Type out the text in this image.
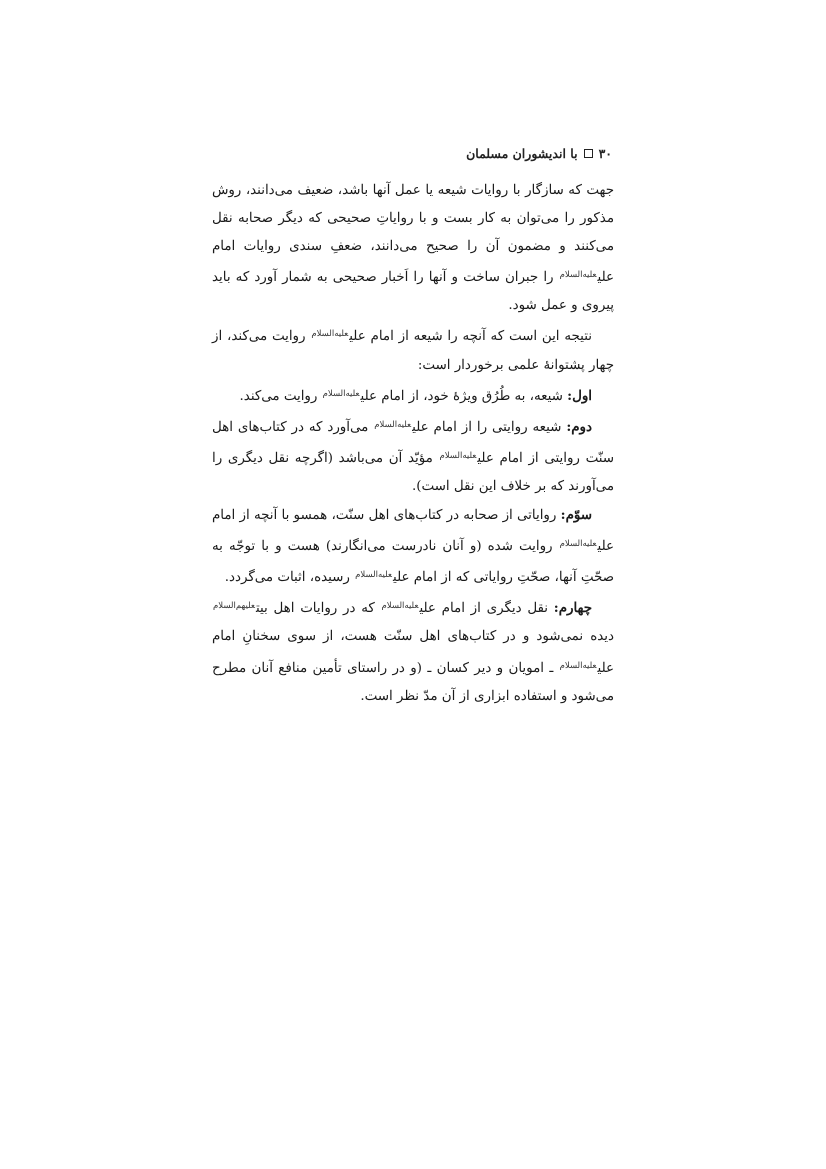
۳۰
با اندیشوران مسلمان

جهت که سازگار با روایات شیعه یا عمل آنها باشد، ضعیف می‌دانند، روش مذکور را می‌توان به کار بست و با روایاتِ صحیحی که دیگر صحابه نقل می‌کنند و مضمون آن را صحیح می‌دانند، ضعفِ سندی روایات امام علی$^{علیه‌السلام}$ را جبران ساخت و آنها را اَخبار صحیحی به شمار آورد که باید پیروی و عمل شود.

نتیجه این است که آنچه را شیعه از امام علی$^{علیه‌السلام}$ روایت می‌کند، از چهار پشتوانهٔ علمی برخوردار است:

اول: شیعه، به طُرُق ویژهٔ خود، از امام علی$^{علیه‌السلام}$ روایت می‌کند.

دوم: شیعه روایتی را از امام علی$^{علیه‌السلام}$ می‌آورد که در کتاب‌های اهل سنّت روایتی از امام علی$^{علیه‌السلام}$ مؤیّد آن می‌باشد (اگرچه نقل دیگری را می‌آورند که بر خلاف این نقل است).

سوّم: روایاتی از صحابه در کتاب‌های اهل سنّت، همسو با آنچه از امام علی$^{علیه‌السلام}$ روایت شده (و آنان نادرست می‌انگارند) هست و با توجّه به صحّتِ آنها، صحّتِ روایاتی که از امام علی$^{علیه‌السلام}$ رسیده، اثبات می‌گردد.

چهارم: نقل دیگری از امام علی$^{علیه‌السلام}$ که در روایات اهل بیت$^{علیهم‌السلام}$ دیده نمی‌شود و در کتاب‌های اهل سنّت هست، از سوی سخنانِ امام علی$^{علیه‌السلام}$ ـ امویان و دیر کسان ـ (و در راستای تأمین منافع آنان مطرح می‌شود و استفاده ابزاری از آن مدّ نظر است.
